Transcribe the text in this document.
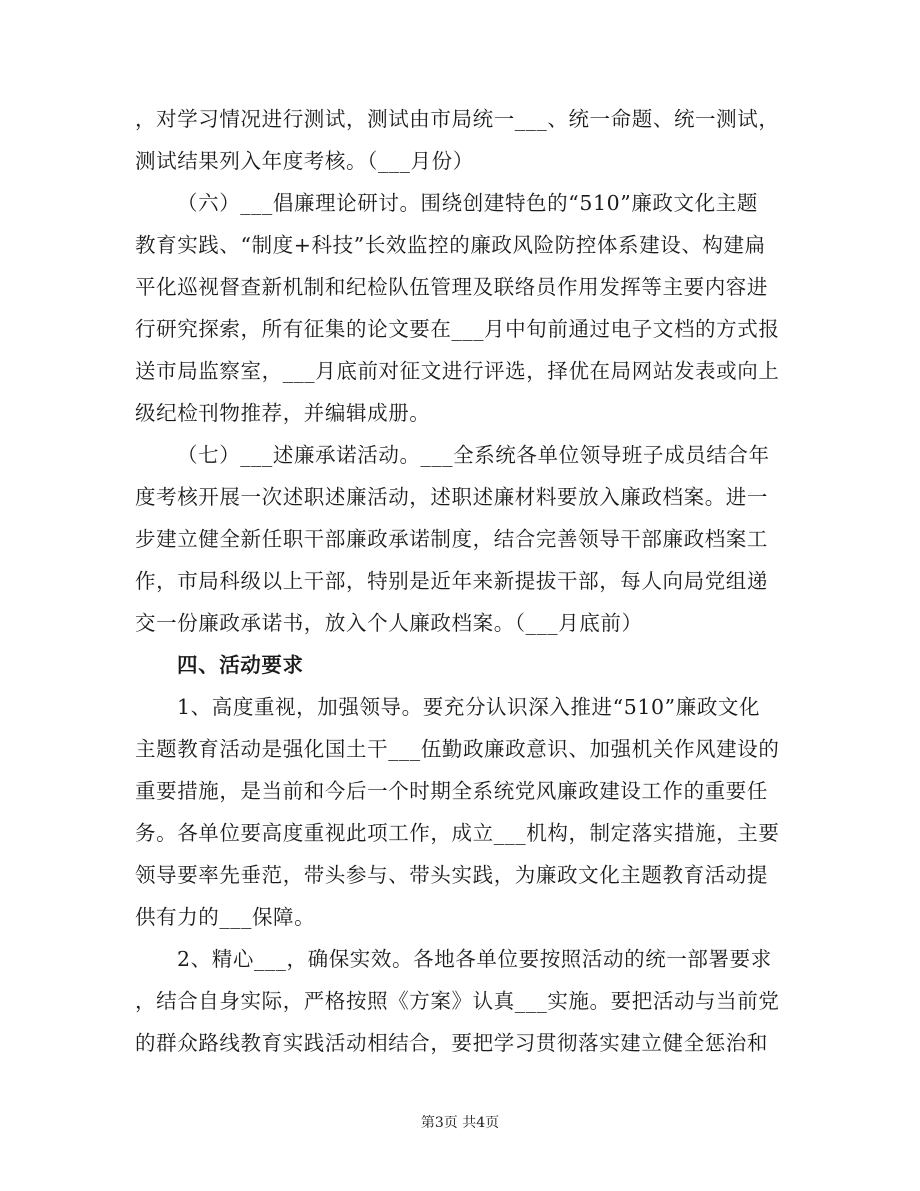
，对学习情况进行测试，测试由市局统一___、统一命题、统一测试，
测试结果列入年度考核。（___月份）
（六）___倡廉理论研讨。围绕创建特色的“510”廉政文化主题
教育实践、“制度+科技”长效监控的廉政风险防控体系建设、构建扁
平化巡视督查新机制和纪检队伍管理及联络员作用发挥等主要内容进
行研究探索，所有征集的论文要在___月中旬前通过电子文档的方式报
送市局监察室，___月底前对征文进行评选，择优在局网站发表或向上
级纪检刊物推荐，并编辑成册。
（七）___述廉承诺活动。___全系统各单位领导班子成员结合年
度考核开展一次述职述廉活动，述职述廉材料要放入廉政档案。进一
步建立健全新任职干部廉政承诺制度，结合完善领导干部廉政档案工
作，市局科级以上干部，特别是近年来新提拔干部，每人向局党组递
交一份廉政承诺书，放入个人廉政档案。（___月底前）
四、活动要求
1、高度重视，加强领导。要充分认识深入推进“510”廉政文化
主题教育活动是强化国土干___伍勤政廉政意识、加强机关作风建设的
重要措施，是当前和今后一个时期全系统党风廉政建设工作的重要任
务。各单位要高度重视此项工作，成立___机构，制定落实措施，主要
领导要率先垂范，带头参与、带头实践，为廉政文化主题教育活动提
供有力的___保障。
2、精心___，确保实效。各地各单位要按照活动的统一部署要求
，结合自身实际，严格按照《方案》认真___实施。要把活动与当前党
的群众路线教育实践活动相结合，要把学习贯彻落实建立健全惩治和
第3页 共4页
